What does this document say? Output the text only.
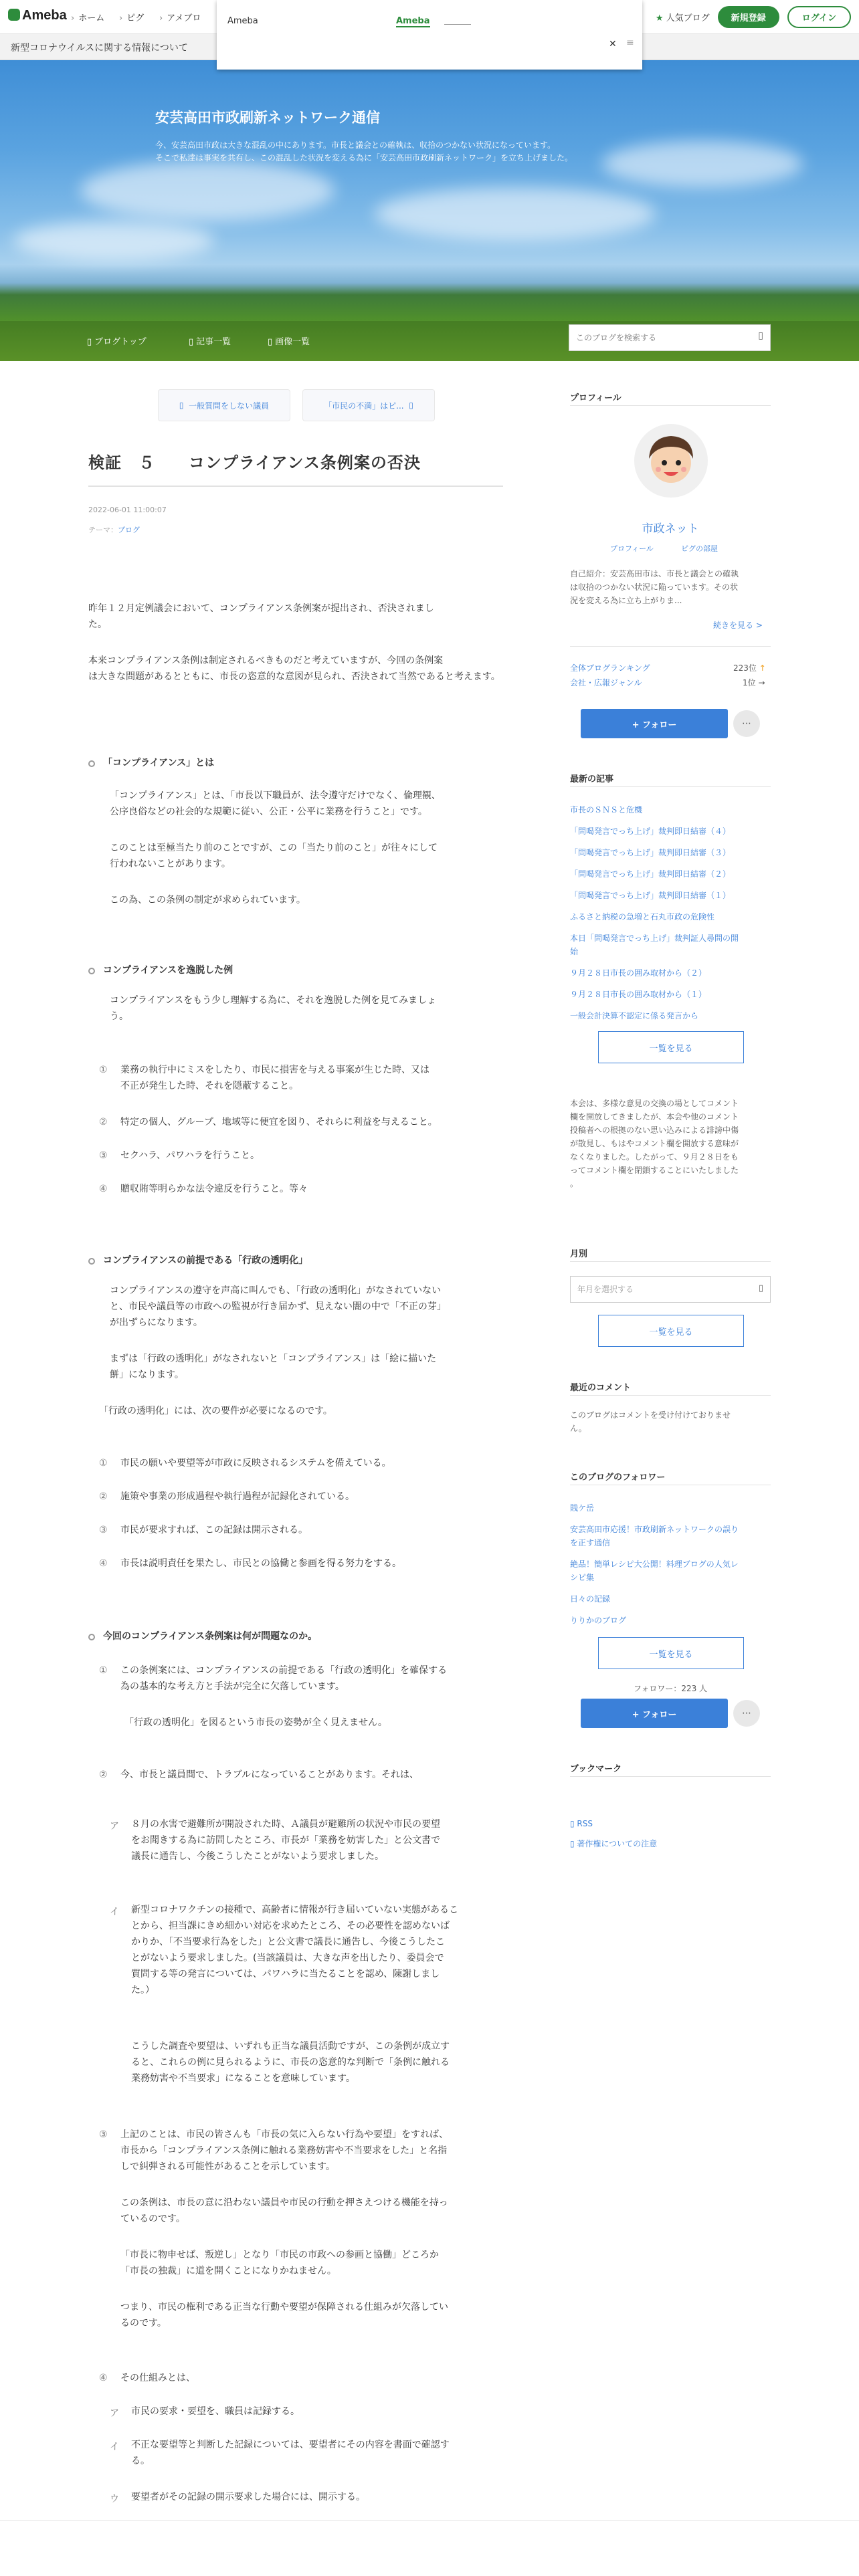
Ameba	› ホーム	› ピグ	› アメブロ	★ 人気ブログ	新規登録	ログイン
新型コロナウイルスに関する情報について
Ameba	Ameba
✕ ≡
安芸高田市政刷新ネットワーク通信
今、安芸高田市政は大きな混乱の中にあります。市長と議会との確執は、収拾のつかない状況になっています。
そこで私達は事実を共有し、この混乱した状況を変える為に「安芸高田市政刷新ネットワーク」を立ち上げました。
▯ ブログトップ	▯ 記事一覧	▯ 画像一覧
このブログを検索する
▯
▯ 一般質問をしない議員	「市民の不満」はピ... ▯
検証　５　　コンプライアンス条例案の否決
2022-06-01 11:00:07
テーマ：ブログ
昨年１２月定例議会において、コンプライアンス条例案が提出され、否決されまし
た。
本来コンプライアンス条例は制定されるべきものだと考えていますが、今回の条例案
は大きな問題があるとともに、市長の恣意的な意図が見られ、否決されて当然であると考えます。
「コンプライアンス」とは
「コンプライアンス」とは、「市長以下職員が、法令遵守だけでなく、倫理観、
公序良俗などの社会的な規範に従い、公正・公平に業務を行うこと」です。
このことは至極当たり前のことですが、この「当たり前のこと」が往々にして
行われないことがあります。
この為、この条例の制定が求められています。
コンプライアンスを逸脱した例
コンプライアンスをもう少し理解する為に、それを逸脱した例を見てみましょ
う。
① 業務の執行中にミスをしたり、市民に損害を与える事案が生じた時、又は
不正が発生した時、それを隠蔽すること。
② 特定の個人、グループ、地域等に便宜を図り、それらに利益を与えること。
③ セクハラ、パワハラを行うこと。
④ 贈収賄等明らかな法令違反を行うこと。等々
コンプライアンスの前提である「行政の透明化」
コンプライアンスの遵守を声高に叫んでも、「行政の透明化」がなされていない
と、市民や議員等の市政への監視が行き届かず、見えない闇の中で「不正の芽」
が出ずらになります。
まずは「行政の透明化」がなされないと「コンプライアンス」は「絵に描いた
餅」になります。
「行政の透明化」には、次の要件が必要になるのです。
① 市民の願いや要望等が市政に反映されるシステムを備えている。
② 施策や事業の形成過程や執行過程が記録化されている。
③ 市民が要求すれば、この記録は開示される。
④ 市長は説明責任を果たし、市民との協働と参画を得る努力をする。
今回のコンプライアンス条例案は何が問題なのか。
① この条例案には、コンプライアンスの前提である「行政の透明化」を確保する
為の基本的な考え方と手法が完全に欠落しています。
「行政の透明化」を図るという市長の姿勢が全く見えません。
② 今、市長と議員間で、トラブルになっていることがあります。それは、
ア ８月の水害で避難所が開設された時、Ａ議員が避難所の状況や市民の要望
をお聞きする為に訪問したところ、市長が「業務を妨害した」と公文書で
議長に通告し、今後こうしたことがないよう要求しました。
イ 新型コロナワクチンの接種で、高齢者に情報が行き届いていない実態があるこ
とから、担当課にきめ細かい対応を求めたところ、その必要性を認めないば
かりか、「不当要求行為をした」と公文書で議長に通告し、今後こうしたこ
とがないよう要求しました。(当該議員は、大きな声を出したり、委員会で
質問する等の発言については、パワハラに当たることを認め、陳謝しまし
た。）
こうした調査や要望は、いずれも正当な議員活動ですが、この条例が成立す
ると、これらの例に見られるように、市長の恣意的な判断で「条例に触れる
業務妨害や不当要求」になることを意味しています。
③ 上記のことは、市民の皆さんも「市長の気に入らない行為や要望」をすれば、
市長から「コンプライアンス条例に触れる業務妨害や不当要求をした」と名指
しで糾弾される可能性があることを示しています。
この条例は、市長の意に沿わない議員や市民の行動を押さえつける機能を持っ
ているのです。
「市長に物申せば、叛逆し」となり「市民の市政への参画と協働」どころか
「市長の独裁」に道を開くことになりかねません。
つまり、市民の権利である正当な行動や要望が保障される仕組みが欠落してい
るのです。
④ その仕組みとは、
ア 市民の要求・要望を、職員は記録する。
イ 不正な要望等と判断した記録については、要望者にその内容を書面で確認す
る。
ウ 要望者がその記録の開示要求した場合には、開示する。
プロフィール
市政ネット
プロフィール	ピグの部屋
自己紹介：安芸高田市は、市長と議会との確執
は収拾のつかない状況に陥っています。その状
況を変える為に立ち上がりま...
続きを見る >
全体ブログランキング	223位 ↑
会社・広報ジャンル	1位 →
+ フォロー	⋯
最新の記事
市長のＳＮＳと危機
「問喝発言でっち上げ」裁判即日結審（４）
「問喝発言でっち上げ」裁判即日結審（３）
「問喝発言でっち上げ」裁判即日結審（２）
「問喝発言でっち上げ」裁判即日結審（１）
ふるさと納税の急増と石丸市政の危険性
本日「問喝発言でっち上げ」裁判証人尋問の開
始
９月２８日市長の囲み取材から（２）
９月２８日市長の囲み取材から（１）
一般会計決算不認定に係る発言から
一覧を見る
本会は、多様な意見の交換の場としてコメント
欄を開放してきましたが、本会や他のコメント
投稿者への根拠のない思い込みによる誹謗中傷
が散見し、もはやコメント欄を開放する意味が
なくなりました。したがって、９月２８日をも
ってコメント欄を閉鎖することにいたしました
。
月別
年月を選択する	▯
一覧を見る
最近のコメント
このブログはコメントを受け付けておりませ
ん。
このブログのフォロワー
賎ケ岳
安芸高田市応援！市政刷新ネットワークの誤り
を正す通信
絶品！簡単レシピ大公開！料理ブログの人気レ
シピ集
日々の記録
りりかのブログ
一覧を見る
フォロワー：223 人
+ フォロー	⋯
ブックマーク
▯ RSS
▯ 著作権についての注意
